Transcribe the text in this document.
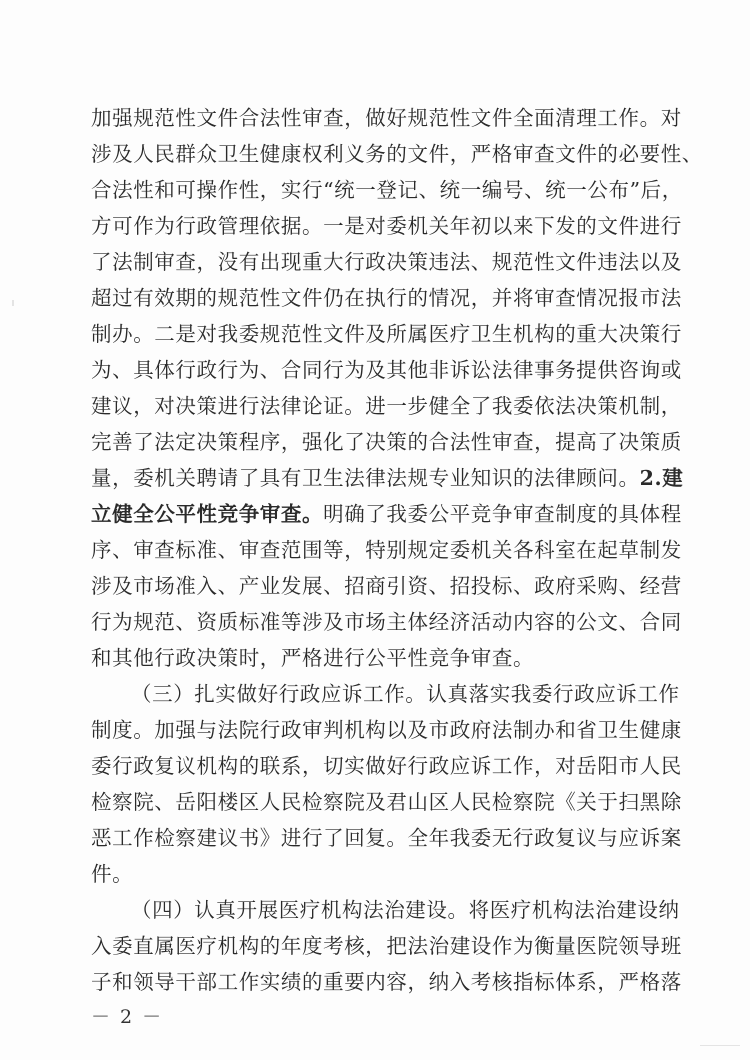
加强规范性文件合法性审查，做好规范性文件全面清理工作。对
涉及人民群众卫生健康权利义务的文件，严格审查文件的必要性、
合法性和可操作性，实行“统一登记、统一编号、统一公布”后，
方可作为行政管理依据。一是对委机关年初以来下发的文件进行
了法制审查，没有出现重大行政决策违法、规范性文件违法以及
超过有效期的规范性文件仍在执行的情况，并将审查情况报市法
制办。二是对我委规范性文件及所属医疗卫生机构的重大决策行
为、具体行政行为、合同行为及其他非诉讼法律事务提供咨询或
建议，对决策进行法律论证。进一步健全了我委依法决策机制，
完善了法定决策程序，强化了决策的合法性审查，提高了决策质
量，委机关聘请了具有卫生法律法规专业知识的法律顾问。2.建
立健全公平性竞争审查。明确了我委公平竞争审查制度的具体程
序、审查标准、审查范围等，特别规定委机关各科室在起草制发
涉及市场准入、产业发展、招商引资、招投标、政府采购、经营
行为规范、资质标准等涉及市场主体经济活动内容的公文、合同
和其他行政决策时，严格进行公平性竞争审查。
（三）扎实做好行政应诉工作。认真落实我委行政应诉工作
制度。加强与法院行政审判机构以及市政府法制办和省卫生健康
委行政复议机构的联系，切实做好行政应诉工作，对岳阳市人民
检察院、岳阳楼区人民检察院及君山区人民检察院《关于扫黑除
恶工作检察建议书》进行了回复。全年我委无行政复议与应诉案
件。
（四）认真开展医疗机构法治建设。将医疗机构法治建设纳
入委直属医疗机构的年度考核，把法治建设作为衡量医院领导班
子和领导干部工作实绩的重要内容，纳入考核指标体系，严格落
－ 2 －
